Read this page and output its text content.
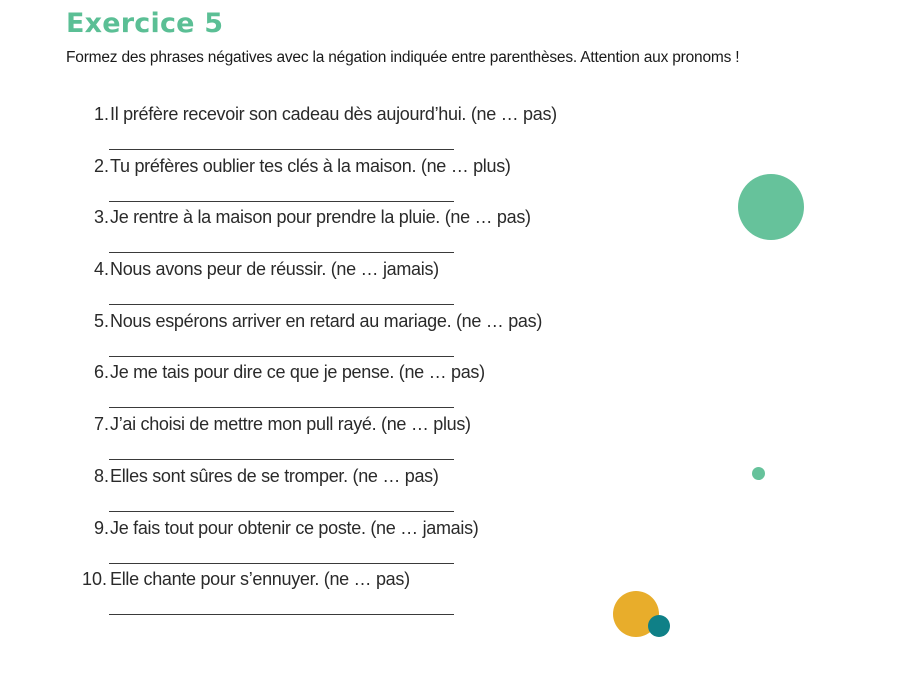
Exercice 5
Formez des phrases négatives avec la négation indiquée entre parenthèses. Attention aux pronoms !
1. Il préfère recevoir son cadeau dès aujourd’hui. (ne … pas)
2. Tu préfères oublier tes clés à la maison. (ne … plus)
3. Je rentre à la maison pour prendre la pluie. (ne … pas)
4. Nous avons peur de réussir. (ne … jamais)
5. Nous espérons arriver en retard au mariage. (ne … pas)
6. Je me tais pour dire ce que je pense. (ne … pas)
7. J’ai choisi de mettre mon pull rayé. (ne … plus)
8. Elles sont sûres de se tromper. (ne … pas)
9. Je fais tout pour obtenir ce poste. (ne … jamais)
10. Elle chante pour s’ennuyer. (ne … pas)
